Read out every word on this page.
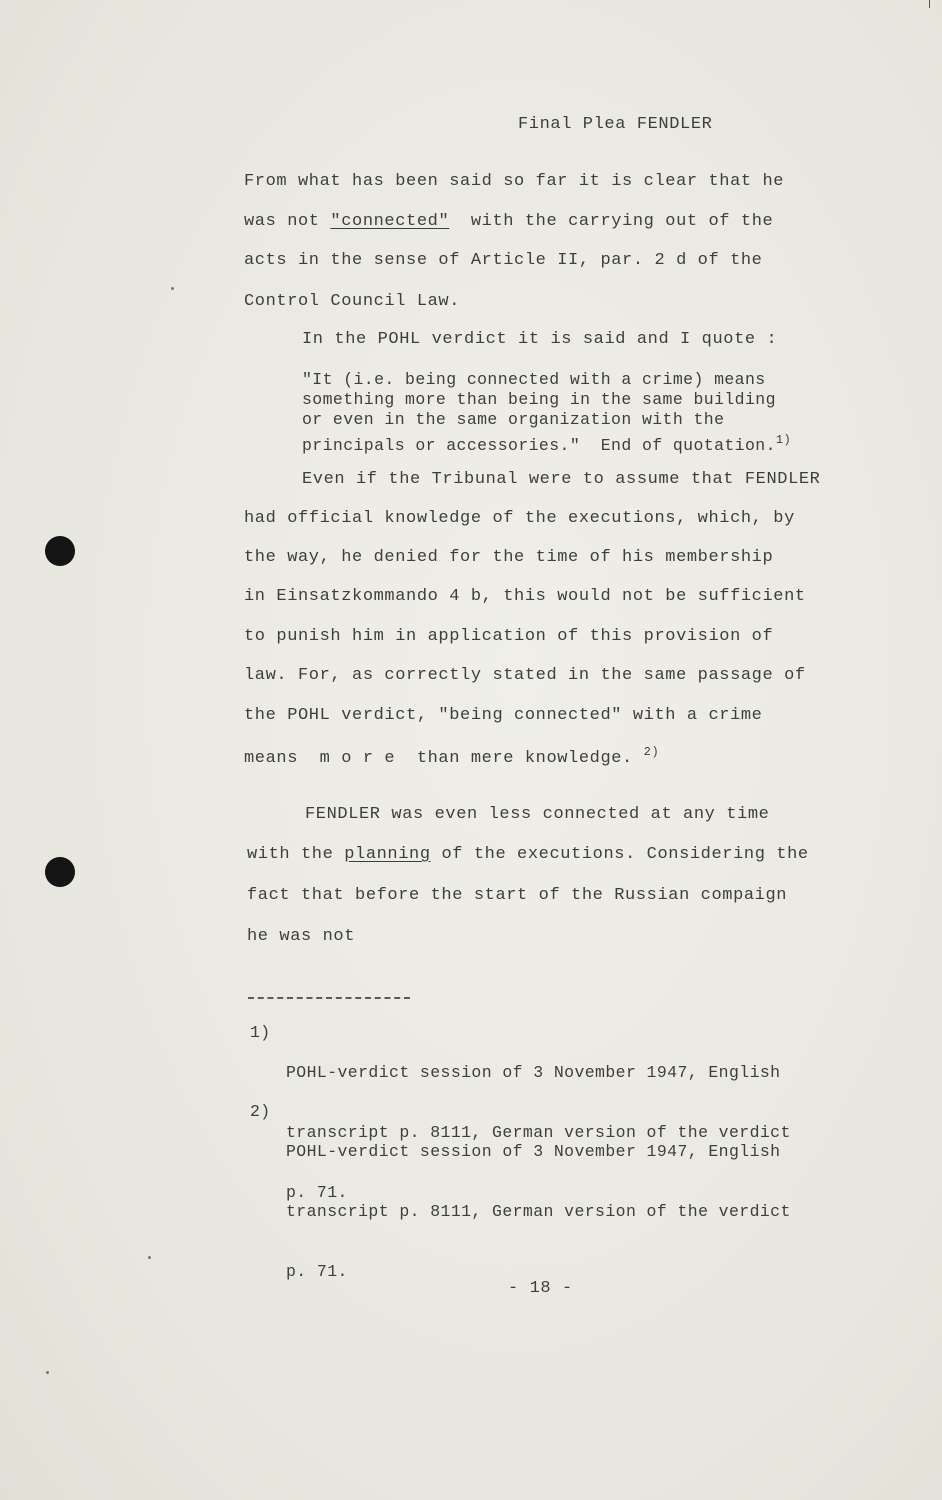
Final Plea FENDLER
From what has been said so far it is clear that he
was not "connected"  with the carrying out of the
acts in the sense of Article II, par. 2 d of the
Control Council Law.
In the POHL verdict it is said and I quote :
"It (i.e. being connected with a crime) means
something more than being in the same building
or even in the same organization with the
principals or accessories."  End of quotation.$^{1)}$
Even if the Tribunal were to assume that FENDLER
had official knowledge of the executions, which, by
the way, he denied for the time of his membership
in Einsatzkommando 4 b, this would not be sufficient
to punish him in application of this provision of
law. For, as correctly stated in the same passage of
the POHL verdict, "being connected" with a crime
means  m o r e  than mere knowledge. $^{2)}$
FENDLER was even less connected at any time
with the planning of the executions. Considering the
fact that before the start of the Russian compaign
he was not
1)

POHL-verdict session of 3 November 1947, English

transcript p. 8111, German version of the verdict

p. 71.

2)

POHL-verdict session of 3 November 1947, English

transcript p. 8111, German version of the verdict

p. 71.

- 18 -
